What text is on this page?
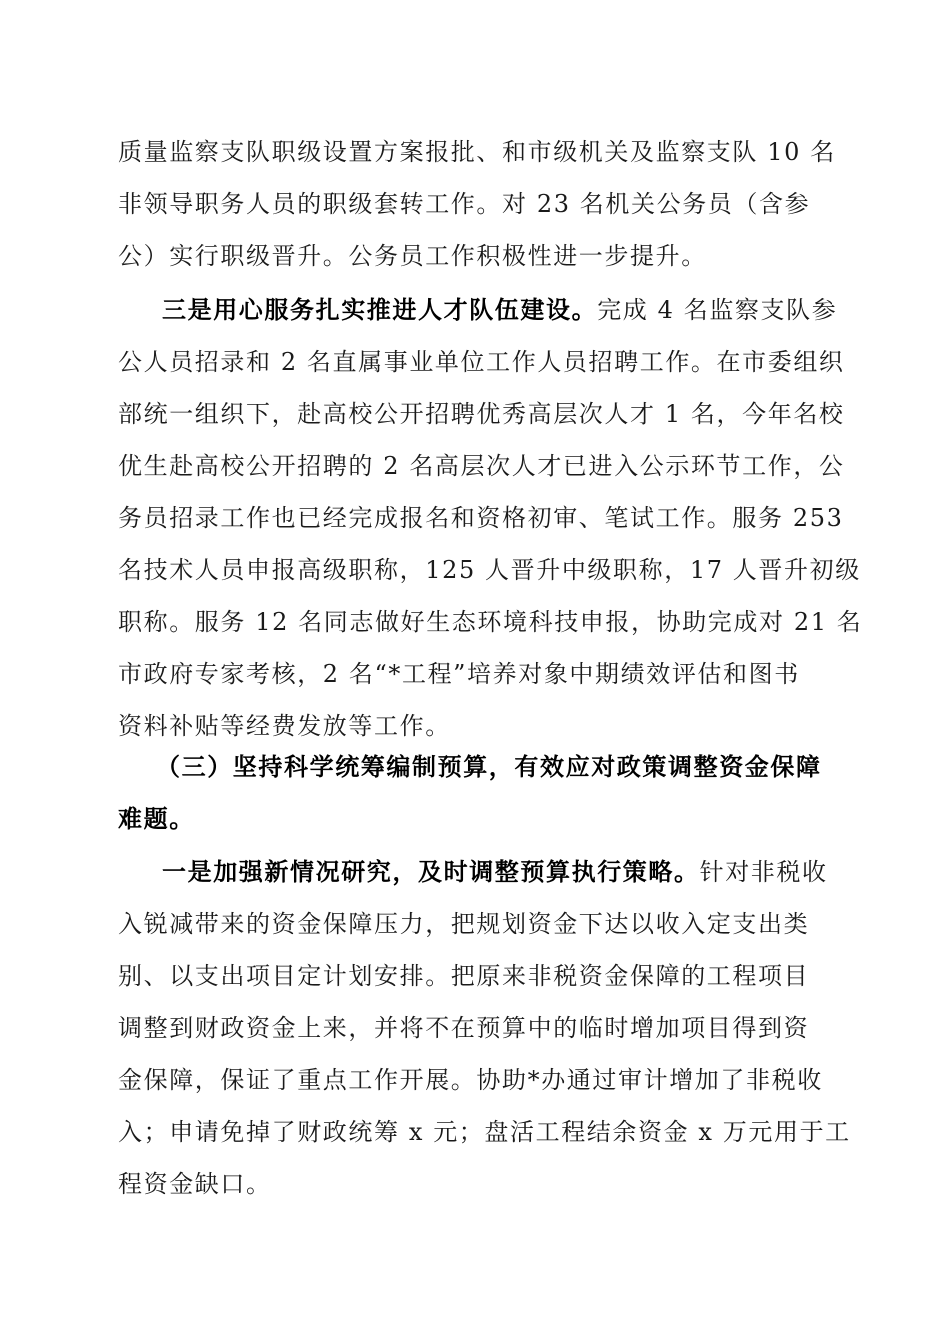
质量监察支队职级设置方案报批、和市级机关及监察支队 10 名
非领导职务人员的职级套转工作。对 23 名机关公务员（含参
公）实行职级晋升。公务员工作积极性进一步提升。
三是用心服务扎实推进人才队伍建设。完成 4 名监察支队参
公人员招录和 2 名直属事业单位工作人员招聘工作。在市委组织
部统一组织下，赴高校公开招聘优秀高层次人才 1 名，今年名校
优生赴高校公开招聘的 2 名高层次人才已进入公示环节工作，公
务员招录工作也已经完成报名和资格初审、笔试工作。服务 253
名技术人员申报高级职称，125 人晋升中级职称，17 人晋升初级
职称。服务 12 名同志做好生态环境科技申报，协助完成对 21 名
市政府专家考核，2 名“*工程”培养对象中期绩效评估和图书
资料补贴等经费发放等工作。
（三）坚持科学统筹编制预算，有效应对政策调整资金保障
难题。
一是加强新情况研究，及时调整预算执行策略。针对非税收
入锐减带来的资金保障压力，把规划资金下达以收入定支出类
别、以支出项目定计划安排。把原来非税资金保障的工程项目
调整到财政资金上来，并将不在预算中的临时增加项目得到资
金保障，保证了重点工作开展。协助*办通过审计增加了非税收
入；申请免掉了财政统筹 x 元；盘活工程结余资金 x 万元用于工
程资金缺口。
